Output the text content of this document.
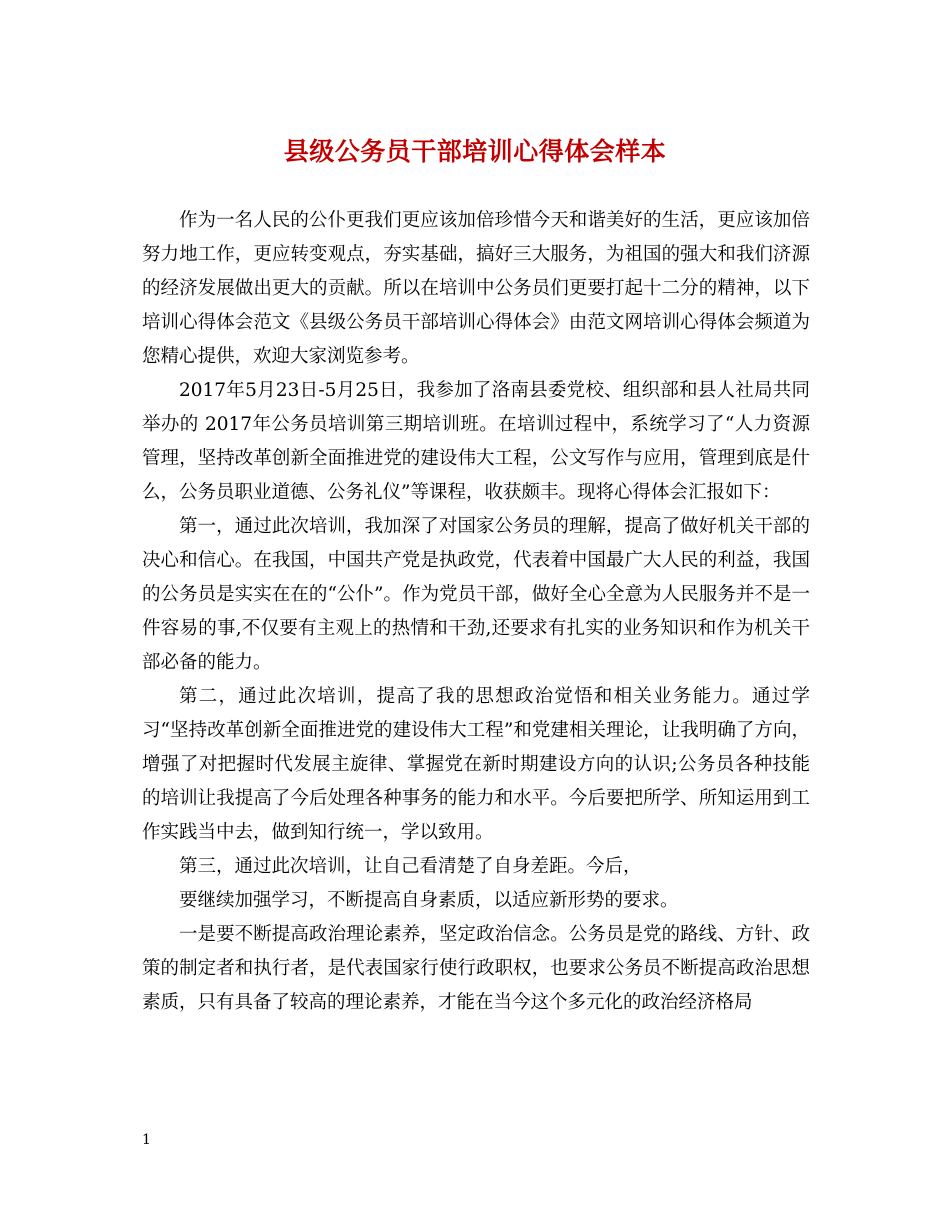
县级公务员干部培训心得体会样本

作为一名人民的公仆更我们更应该加倍珍惜今天和谐美好的生活，更应该加倍努力地工作，更应转变观点，夯实基础，搞好三大服务，为祖国的强大和我们济源的经济发展做出更大的贡献。所以在培训中公务员们更要打起十二分的精神，以下培训心得体会范文《县级公务员干部培训心得体会》由范文网培训心得体会频道为您精心提供，欢迎大家浏览参考。

2017年5月23日-5月25日，我参加了洛南县委党校、组织部和县人社局共同举办的 2017年公务员培训第三期培训班。在培训过程中，系统学习了“人力资源管理，坚持改革创新全面推进党的建设伟大工程，公文写作与应用，管理到底是什么，公务员职业道德、公务礼仪”等课程，收获颇丰。现将心得体会汇报如下：

第一，通过此次培训，我加深了对国家公务员的理解，提高了做好机关干部的决心和信心。在我国，中国共产党是执政党，代表着中国最广大人民的利益，我国的公务员是实实在在的“公仆”。作为党员干部，做好全心全意为人民服务并不是一件容易的事,不仅要有主观上的热情和干劲,还要求有扎实的业务知识和作为机关干部必备的能力。

第二，通过此次培训，提高了我的思想政治觉悟和相关业务能力。通过学习“坚持改革创新全面推进党的建设伟大工程”和党建相关理论，让我明确了方向，增强了对把握时代发展主旋律、掌握党在新时期建设方向的认识;公务员各种技能的培训让我提高了今后处理各种事务的能力和水平。今后要把所学、所知运用到工作实践当中去，做到知行统一，学以致用。

第三，通过此次培训，让自己看清楚了自身差距。今后，

要继续加强学习，不断提高自身素质，以适应新形势的要求。

一是要不断提高政治理论素养，坚定政治信念。公务员是党的路线、方针、政策的制定者和执行者，是代表国家行使行政职权，也要求公务员不断提高政治思想素质，只有具备了较高的理论素养，才能在当今这个多元化的政治经济格局

1
